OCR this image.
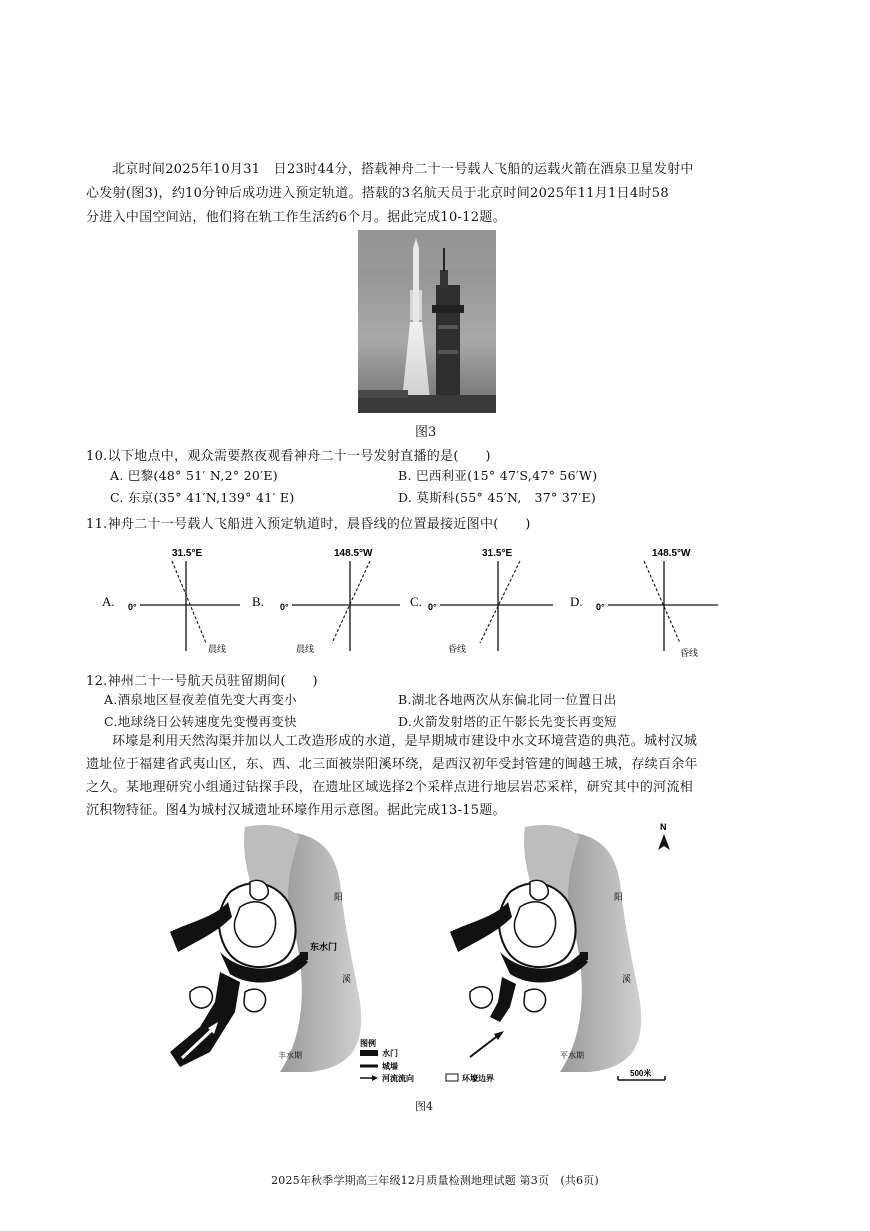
北京时间2025年10月31　日23时44分，搭载神舟二十一号载人飞船的运载火箭在酒泉卫星发射中
心发射(图3)，约10分钟后成功进入预定轨道。搭载的3名航天员于北京时间2025年11月1日4时58
分进入中国空间站，他们将在轨工作生活约6个月。据此完成10-12题。
图3
10.以下地点中，观众需要熬夜观看神舟二十一号发射直播的是(　　)
A. 巴黎(48° 51′ N,2° 20′E)	B. 巴西利亚(15° 47′S,47° 56′W)
C. 东京(35° 41′N,139° 41′ E)	D. 莫斯科(55° 45′N,　37° 37′E)
11.神舟二十一号载人飞船进入预定轨道时，晨昏线的位置最接近图中(　　)
A.
31.5°E
0°
晨线
B.
148.5°W
0°
晨线
C.
31.5°E
0°
昏线
D.
148.5°W
0°
昏线
12.神州二十一号航天员驻留期间(　　)
A.酒泉地区昼夜差值先变大再变小	B.湖北各地两次从东偏北同一位置日出
C.地球绕日公转速度先变慢再变快	D.火箭发射塔的正午影长先变长再变短
环壕是利用天然沟渠并加以人工改造形成的水道，是早期城市建设中水文环境营造的典范。城村汉城
遗址位于福建省武夷山区，东、西、北三面被崇阳溪环绕，是西汉初年受封管建的闽越王城，存续百余年
之久。某地理研究小组通过钻探手段，在遗址区域选择2个采样点进行地层岩芯采样，研究其中的河流相
沉积物特征。图4为城村汉城遗址环壕作用示意图。据此完成13-15题。
东水门
阳
溪
丰水期
图例
水门
城墙
河流流向	环壕边界
阳
溪
平水期
N
500米
图4
2025年秋季学期高三年级12月质量检测地理试题 第3页　(共6页)
